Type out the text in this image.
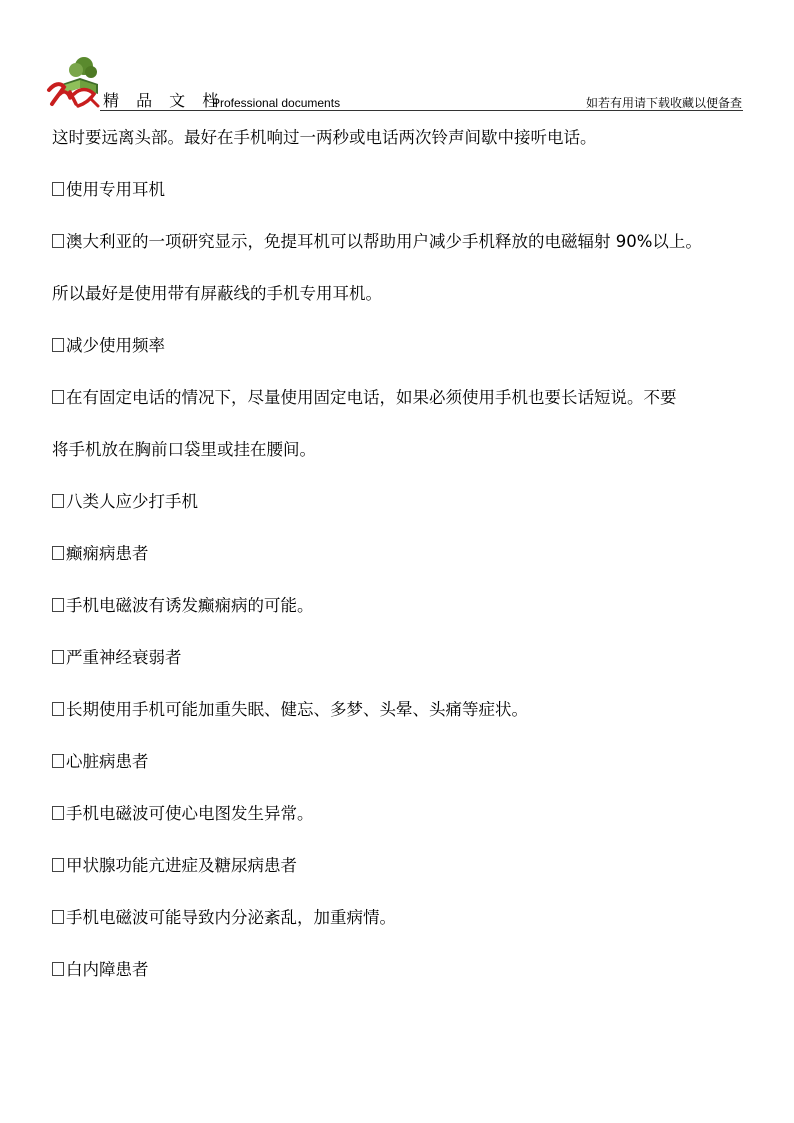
精 品 文 档
Professional documents	如若有用请下载收藏以便备查

这时要远离头部。最好在手机响过一两秒或电话两次铃声间歇中接听电话。

使用专用耳机

澳大利亚的一项研究显示，免提耳机可以帮助用户减少手机释放的电磁辐射 90%以上。

所以最好是使用带有屏蔽线的手机专用耳机。

减少使用频率

在有固定电话的情况下，尽量使用固定电话，如果必须使用手机也要长话短说。不要

将手机放在胸前口袋里或挂在腰间。

八类人应少打手机

癫痫病患者

手机电磁波有诱发癫痫病的可能。

严重神经衰弱者

长期使用手机可能加重失眠、健忘、多梦、头晕、头痛等症状。

心脏病患者

手机电磁波可使心电图发生异常。

甲状腺功能亢进症及糖尿病患者

手机电磁波可能导致内分泌紊乱，加重病情。

白内障患者
